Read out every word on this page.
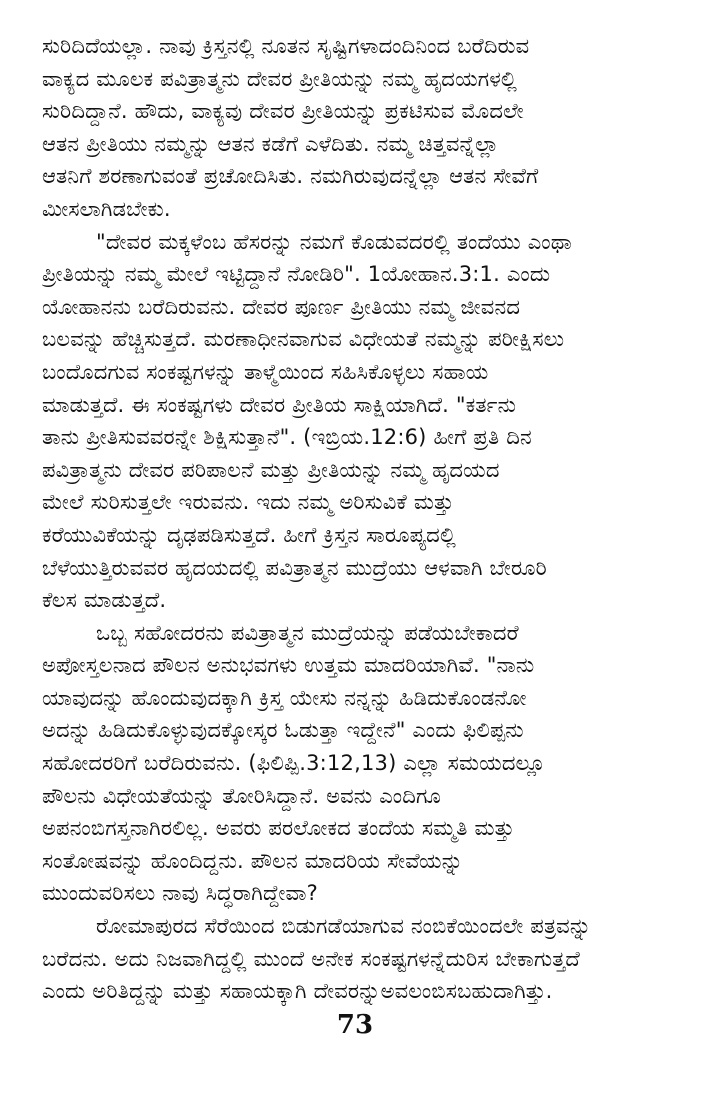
ಸುರಿದಿದೆಯಲ್ಲಾ. ನಾವು ಕ್ರಿಸ್ತನಲ್ಲಿ ನೂತನ ಸೃಷ್ಟಿಗಳಾದಂದಿನಿಂದ ಬರೆದಿರುವ
ವಾಕ್ಯದ ಮೂಲಕ ಪವಿತ್ರಾತ್ಮನು ದೇವರ ಪ್ರೀತಿಯನ್ನು ನಮ್ಮ ಹೃದಯಗಳಲ್ಲಿ
ಸುರಿದಿದ್ದಾನೆ. ಹೌದು, ವಾಕ್ಯವು ದೇವರ ಪ್ರೀತಿಯನ್ನು ಪ್ರಕಟಿಸುವ ಮೊದಲೇ
ಆತನ ಪ್ರೀತಿಯು ನಮ್ಮನ್ನು ಆತನ ಕಡೆಗೆ ಎಳೆದಿತು. ನಮ್ಮ ಚಿತ್ತವನ್ನೆಲ್ಲಾ
ಆತನಿಗೆ ಶರಣಾಗುವಂತೆ ಪ್ರಚೋದಿಸಿತು. ನಮಗಿರುವುದನ್ನೆಲ್ಲಾ ಆತನ ಸೇವೆಗೆ
ಮೀಸಲಾಗಿಡಬೇಕು.
"ದೇವರ ಮಕ್ಕಳೆಂಬ ಹೆಸರನ್ನು ನಮಗೆ ಕೊಡುವದರಲ್ಲಿ ತಂದೆಯು ಎಂಥಾ
ಪ್ರೀತಿಯನ್ನು ನಮ್ಮ ಮೇಲೆ ಇಟ್ಟಿದ್ದಾನೆ ನೋಡಿರಿ". 1ಯೋಹಾನ.3:1. ಎಂದು
ಯೋಹಾನನು ಬರೆದಿರುವನು. ದೇವರ ಪೂರ್ಣ ಪ್ರೀತಿಯು ನಮ್ಮ ಜೀವನದ
ಬಲವನ್ನು ಹೆಚ್ಚಿಸುತ್ತದೆ. ಮರಣಾಧೀನವಾಗುವ ವಿಧೇಯತೆ ನಮ್ಮನ್ನು ಪರೀಕ್ಷಿಸಲು
ಬಂದೊದಗುವ ಸಂಕಷ್ಟಗಳನ್ನು ತಾಳ್ಮೆಯಿಂದ ಸಹಿಸಿಕೊಳ್ಳಲು ಸಹಾಯ
ಮಾಡುತ್ತದೆ. ಈ ಸಂಕಷ್ಟಗಳು ದೇವರ ಪ್ರೀತಿಯ ಸಾಕ್ಷಿಯಾಗಿದೆ. "ಕರ್ತನು
ತಾನು ಪ್ರೀತಿಸುವವರನ್ನೇ ಶಿಕ್ಷಿಸುತ್ತಾನೆ". (ಇಬ್ರಿಯ.12:6) ಹೀಗೆ ಪ್ರತಿ ದಿನ
ಪವಿತ್ರಾತ್ಮನು ದೇವರ ಪರಿಪಾಲನೆ ಮತ್ತು ಪ್ರೀತಿಯನ್ನು ನಮ್ಮ ಹೃದಯದ
ಮೇಲೆ ಸುರಿಸುತ್ತಲೇ ಇರುವನು. ಇದು ನಮ್ಮ ಅರಿಸುವಿಕೆ ಮತ್ತು
ಕರೆಯುವಿಕೆಯನ್ನು ದೃಢಪಡಿಸುತ್ತದೆ. ಹೀಗೆ ಕ್ರಿಸ್ತನ ಸಾರೂಪ್ಯದಲ್ಲಿ
ಬೆಳೆಯುತ್ತಿರುವವರ ಹೃದಯದಲ್ಲಿ ಪವಿತ್ರಾತ್ಮನ ಮುದ್ರೆಯು ಆಳವಾಗಿ ಬೇರೂರಿ
ಕೆಲಸ ಮಾಡುತ್ತದೆ.
ಒಬ್ಬ ಸಹೋದರನು ಪವಿತ್ರಾತ್ಮನ ಮುದ್ರೆಯನ್ನು ಪಡೆಯಬೇಕಾದರೆ
ಅಪೋಸ್ತಲನಾದ ಪೌಲನ ಅನುಭವಗಳು ಉತ್ತಮ ಮಾದರಿಯಾಗಿವೆ. "ನಾನು
ಯಾವುದನ್ನು ಹೊಂದುವುದಕ್ಕಾಗಿ ಕ್ರಿಸ್ತ ಯೇಸು ನನ್ನನ್ನು ಹಿಡಿದುಕೊಂಡನೋ
ಅದನ್ನು ಹಿಡಿದುಕೊಳ್ಳುವುದಕ್ಕೋಸ್ಕರ ಓಡುತ್ತಾ ಇದ್ದೇನೆ" ಎಂದು ಫಿಲಿಪ್ಪನು
ಸಹೋದರರಿಗೆ ಬರೆದಿರುವನು. (ಫಿಲಿಪ್ಪಿ.3:12,13) ಎಲ್ಲಾ ಸಮಯದಲ್ಲೂ
ಪೌಲನು ವಿಧೇಯತೆಯನ್ನು ತೋರಿಸಿದ್ದಾನೆ. ಅವನು ಎಂದಿಗೂ
ಅಪನಂಬಿಗಸ್ತನಾಗಿರಲಿಲ್ಲ. ಅವರು ಪರಲೋಕದ ತಂದೆಯ ಸಮ್ಮತಿ ಮತ್ತು
ಸಂತೋಷವನ್ನು ಹೊಂದಿದ್ದನು. ಪೌಲನ ಮಾದರಿಯ ಸೇವೆಯನ್ನು
ಮುಂದುವರಿಸಲು ನಾವು ಸಿದ್ಧರಾಗಿದ್ದೇವಾ?
ರೋಮಾಪುರದ ಸೆರೆಯಿಂದ ಬಿಡುಗಡೆಯಾಗುವ ನಂಬಿಕೆಯಿಂದಲೇ ಪತ್ರವನ್ನು
ಬರೆದನು. ಅದು ನಿಜವಾಗಿದ್ದಲ್ಲಿ ಮುಂದೆ ಅನೇಕ ಸಂಕಷ್ಟಗಳನ್ನೆದುರಿಸ ಬೇಕಾಗುತ್ತದೆ
ಎಂದು ಅರಿತಿದ್ದನ್ನು ಮತ್ತು ಸಹಾಯಕ್ಕಾಗಿ ದೇವರನ್ನುಅವಲಂಬಿಸಬಹುದಾಗಿತ್ತು.
73
